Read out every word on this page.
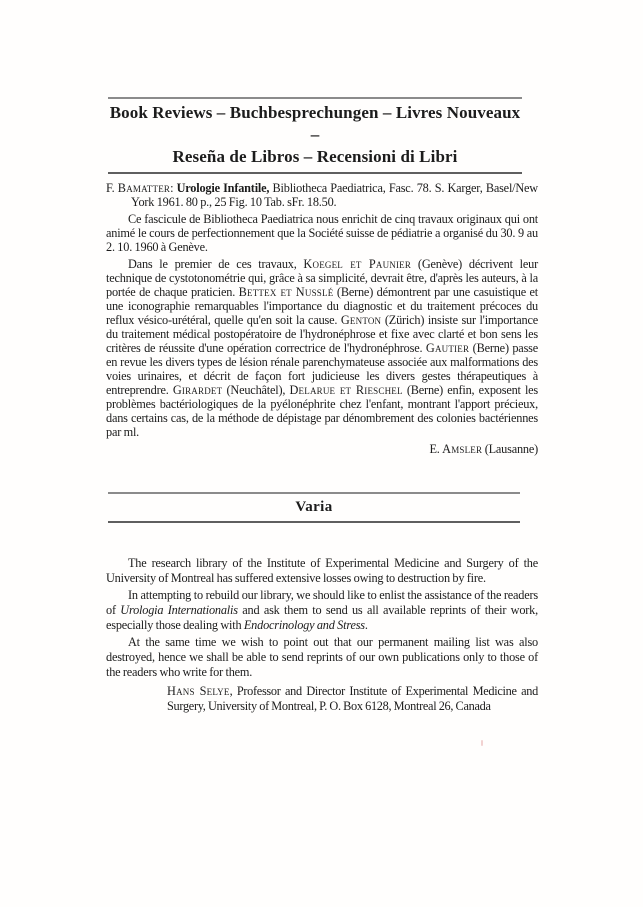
Book Reviews – Buchbesprechungen – Livres Nouveaux –
Reseña de Libros – Recensioni di Libri

F. Bamatter: Urologie Infantile, Bibliotheca Paediatrica, Fasc. 78. S. Karger, Basel/New York 1961. 80 p., 25 Fig. 10 Tab. sFr. 18.50.

Ce fascicule de Bibliotheca Paediatrica nous enrichit de cinq travaux originaux qui ont animé le cours de perfectionnement que la Société suisse de pédiatrie a organisé du 30. 9 au 2. 10. 1960 à Genève.

Dans le premier de ces travaux, Koegel et Paunier (Genève) décrivent leur technique de cystotonométrie qui, grâce à sa simplicité, devrait être, d'après les auteurs, à la portée de chaque praticien. Bettex et Nusslé (Berne) démontrent par une casuistique et une iconographie remarquables l'importance du diagnostic et du traitement précoces du reflux vésico-urétéral, quelle qu'en soit la cause. Genton (Zürich) insiste sur l'importance du traitement médical postopératoire de l'hydronéphrose et fixe avec clarté et bon sens les critères de réussite d'une opération correctrice de l'hydronéphrose. Gautier (Berne) passe en revue les divers types de lésion rénale parenchymateuse associée aux malformations des voies urinaires, et décrit de façon fort judicieuse les divers gestes thérapeutiques à entreprendre. Girardet (Neuchâtel), Delarue et Rieschel (Berne) enfin, exposent les problèmes bactériologiques de la pyélonéphrite chez l'enfant, montrant l'apport précieux, dans certains cas, de la méthode de dépistage par dénombrement des colonies bactériennes par ml.

E. Amsler (Lausanne)

Varia

The research library of the Institute of Experimental Medicine and Surgery of the University of Montreal has suffered extensive losses owing to destruction by fire.

In attempting to rebuild our library, we should like to enlist the assistance of the readers of Urologia Internationalis and ask them to send us all available reprints of their work, especially those dealing with Endocrinology and Stress.

At the same time we wish to point out that our permanent mailing list was also destroyed, hence we shall be able to send reprints of our own publications only to those of the readers who write for them.

Hans Selye, Professor and Director Institute of Experimental Medicine and Surgery, University of Montreal, P. O. Box 6128, Montreal 26, Canada
